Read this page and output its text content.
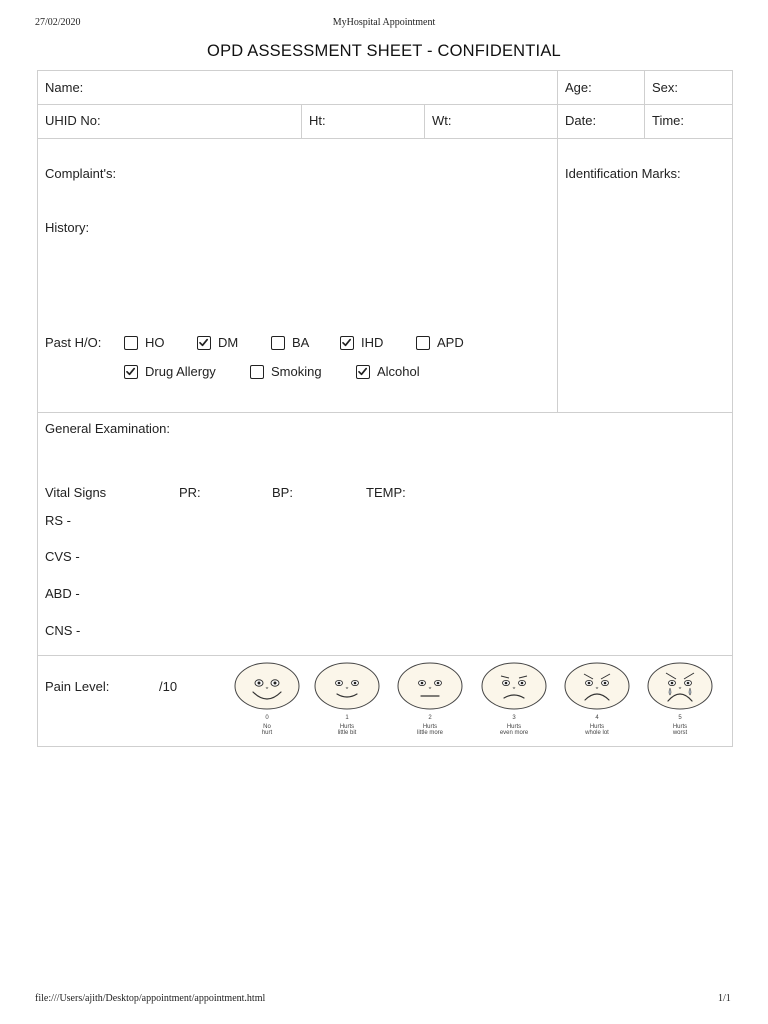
27/02/2020	MyHospital Appointment
file:///Users/ajith/Desktop/appointment/appointment.html	1/1
OPD ASSESSMENT SHEET - CONFIDENTIAL
Name:	Age:	Sex:
UHID No:	Ht:	Wt:	Date:	Time:
Complaint's:	Identification Marks:
History:
Past H/O:	HO	DM	BA	IHD	APD
Drug Allergy	Smoking	Alcohol
General Examination:
Vital Signs	PR:	BP:	TEMP:
RS -
CVS -
ABD -
CNS -
Pain Level:	/10
0
No
hurt
1
Hurts
little bit
2
Hurts
little more
3
Hurts
even more
4
Hurts
whole lot
5
Hurts
worst
